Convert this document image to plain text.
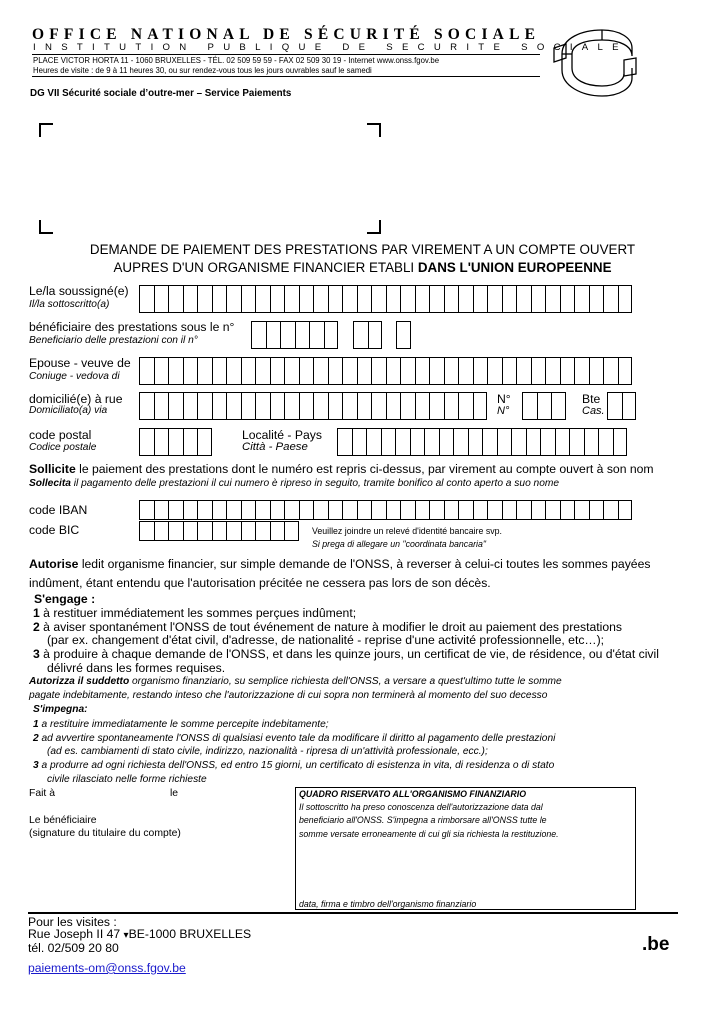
OFFICE NATIONAL DE SÉCURITÉ SOCIALE
INSTITUTION PUBLIQUE DE SECURITE SOCIALE
PLACE VICTOR HORTA 11 - 1060 BRUXELLES - TÉL. 02 509 59 59 - FAX 02 509 30 19 - Internet www.onss.fgov.be
Heures de visite : de 9 à 11 heures 30, ou sur rendez-vous tous les jours ouvrables sauf le samedi
DG VII Sécurité sociale d’outre-mer – Service Paiements
DEMANDE DE PAIEMENT DES PRESTATIONS PAR VIREMENT A UN COMPTE OUVERT
AUPRES D'UN ORGANISME FINANCIER ETABLI DANS L'UNION EUROPEENNE
Le/la soussigné(e)
Il/la sottoscritto(a)
bénéficiaire des prestations sous le n°
Beneficiario delle prestazioni con il n°
Epouse - veuve de
Coniuge - vedova di
domicilié(e) à rue
Domiciliato(a) via
N°
N°
Bte
Cas.
code postal
Codice postale
Localité - Pays
Città - Paese
Sollicite le paiement des prestations dont le numéro est repris ci-dessus, par virement au compte ouvert à son nom
Sollecita il pagamento delle prestazioni il cui numero è ripreso in seguito, tramite bonifico al conto aperto a suo nome
code IBAN
code BIC	Veuillez joindre un relevé d'identité bancaire svp.
Si prega di allegare un "coordinata bancaria"
Autorise ledit organisme financier, sur simple demande de l'ONSS, à reverser à celui-ci toutes les sommes payées
indûment, étant entendu que l'autorisation précitée ne cessera pas lors de son décès.
S'engage :
1 à restituer immédiatement les sommes perçues indûment;
2 à aviser spontanément l'ONSS de tout événement de nature à modifier le droit au paiement des prestations
(par ex. changement d'état civil, d'adresse, de nationalité - reprise d'une activité professionnelle, etc…);
3 à produire à chaque demande de l'ONSS, et dans les quinze jours, un certificat de vie, de résidence, ou d'état civil
délivré dans les formes requises.
Autorizza il suddetto organismo finanziario, su semplice richiesta dell'ONSS, a versare a quest'ultimo tutte le somme
pagate indebitamente, restando inteso che l'autorizzazione di cui sopra non terminerà al momento del suo decesso
S'impegna:
1 a restituire immediatamente le somme percepite indebitamente;
2 ad avvertire spontaneamente l'ONSS di qualsiasi evento tale da modificare il diritto al pagamento delle prestazioni
(ad es. cambiamenti di stato civile, indirizzo, nazionalità - ripresa di un'attività professionale, ecc.);
3 a produrre ad ogni richiesta dell'ONSS, ed entro 15 giorni, un certificato di esistenza in vita, di residenza o di stato
civile rilasciato nelle forme richieste
Fait à	le
Le bénéficiaire
(signature du titulaire du compte)
QUADRO RISERVATO ALL'ORGANISMO FINANZIARIO
Il sottoscritto ha preso conoscenza dell'autorizzazione data dal
beneficiario all'ONSS. S'impegna a rimborsare all'ONSS tutte le
somme versate erroneamente di cui gli sia richiesta la restituzione.
data, firma e timbro dell'organismo finanziario
Pour les visites :
Rue Joseph II 47 ▾BE-1000 BRUXELLES
tél. 02/509 20 80
paiements-om@onss.fgov.be
.be
